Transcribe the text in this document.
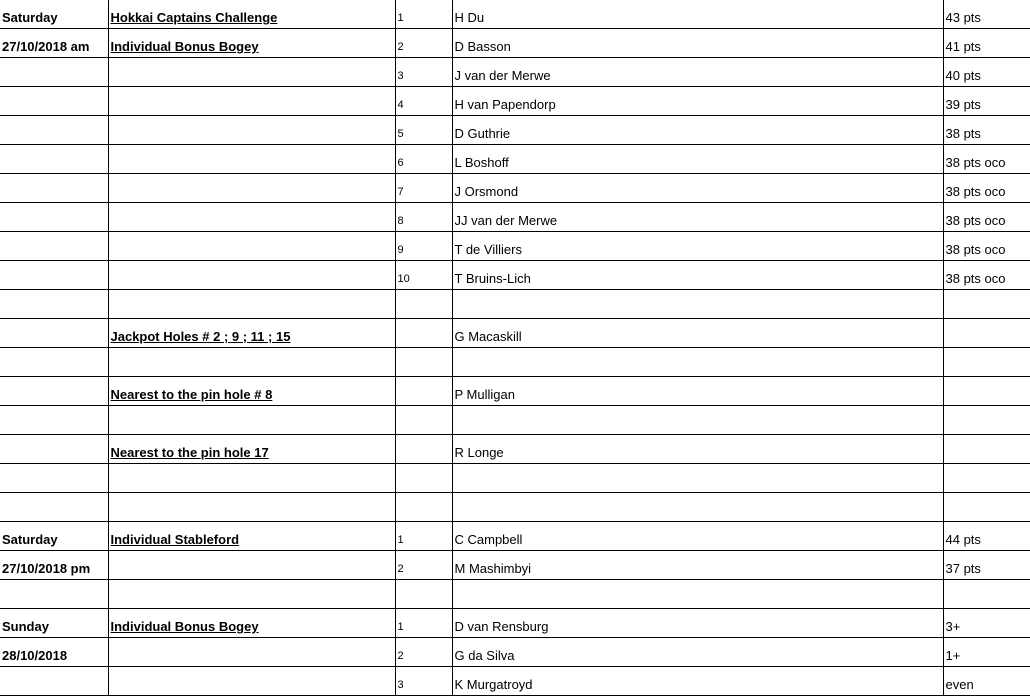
Saturday	Hokkai Captains Challenge	1	H Du	43 pts
27/10/2018 am	Individual Bonus Bogey	2	D Basson	41 pts
		3	J van der Merwe	40 pts
		4	H van Papendorp	39 pts
		5	D Guthrie	38 pts
		6	L Boshoff	38 pts oco
		7	J Orsmond	38 pts oco
		8	JJ van der Merwe	38 pts oco
		9	T de Villiers	38 pts oco
		10	T Bruins-Lich	38 pts oco

	Jackpot Holes # 2 ; 9 ; 11 ; 15		G Macaskill	

	Nearest to the pin hole # 8		P Mulligan	

	Nearest to the pin hole 17		R Longe	

Saturday	Individual Stableford	1	C Campbell	44 pts
27/10/2018 pm		2	M Mashimbyi	37 pts

Sunday	Individual Bonus Bogey	1	D van Rensburg	3+
28/10/2018		2	G da Silva	1+
		3	K Murgatroyd	even
